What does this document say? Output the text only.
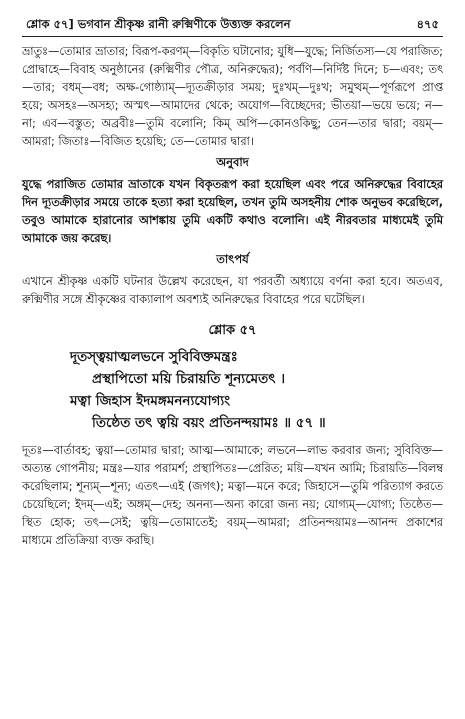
শ্লোক ৫৭] ভগবান শ্রীকৃষ্ণ রানী রুক্মিণীকে উত্ত্যক্ত করলেন	৪৭৫

ভ্রাতুঃ—তোমার ভ্রাতার; বিরূপ-করণম্—বিকৃতি ঘটানোর; যুধি—যুদ্ধে; নির্জিতস্য—যে পরাজিত; প্রোদ্বাহে—বিবাহ অনুষ্ঠানের (রুক্মিণীর পৌত্র, অনিরুদ্ধের); পর্বণি—নির্দিষ্ট দিনে; চ—এবং; তৎ—তার; বধম্—বধ; অক্ষ-গোষ্ঠ্যাম্—দ্যূতক্রীড়ার সময়; দুঃখম্—দুঃখ; সমুত্থম্—পূর্ণরূপে প্রাপ্ত হয়ে; অসহঃ—অসহ্য; অস্মৎ—আমাদের থেকে; অযোগ—বিচ্ছেদের; ভীতয়া—ভয়ে ভয়ে; ন—না; এব—বস্তুত; অব্রবীঃ—তুমি বলোনি; কিম্ অপি—কোনওকিছু; তেন—তার দ্বারা; বয়ম্—আমরা; জিতাঃ—বিজিত হয়েছি; তে—তোমার দ্বারা।

অনুবাদ

যুদ্ধে পরাজিত তোমার ভ্রাতাকে যখন বিকৃতরূপ করা হয়েছিল এবং পরে অনিরুদ্ধের বিবাহের দিন দ্যূতক্রীড়ার সময়ে তাকে হত্যা করা হয়েছিল, তখন তুমি অসহনীয় শোক অনুভব করেছিলে, তবুও আমাকে হারানোর আশঙ্কায় তুমি একটি কথাও বলোনি। এই নীরবতার মাধ্যমেই তুমি আমাকে জয় করেছ।

তাৎপর্য

এখানে শ্রীকৃষ্ণ একটি ঘটনার উল্লেখ করেছেন, যা পরবর্তী অধ্যায়ে বর্ণনা করা হবে। অতএব, রুক্মিণীর সঙ্গে শ্রীকৃষ্ণের বাক্যালাপ অবশ্যই অনিরুদ্ধের বিবাহের পরে ঘটেছিল।

শ্লোক ৫৭
দূতস্ত্বয়াত্মলভনে সুবিবিক্তমন্ত্রঃ
প্রস্থাপিতো ময়ি চিরায়তি শূন্যমেতৎ ।
মত্বা জিহাস ইদমঙ্গমনন্যযোগ্যং
তিষ্ঠেত তৎ ত্বয়ি বয়ং প্রতিনন্দয়ামঃ ॥ ৫৭ ॥

দূতঃ—বার্তাবহ; ত্বয়া—তোমার দ্বারা; আত্ম—আমাকে; লভনে—লাভ করবার জন্য; সুবিবিক্ত—অত্যন্ত গোপনীয়; মন্ত্রঃ—যার পরামর্শ; প্রস্থাপিতঃ—প্রেরিত; ময়ি—যখন আমি; চিরায়তি—বিলম্ব করেছিলাম; শূন্যম্—শূন্য; এতৎ—এই (জগৎ); মত্বা—মনে করে; জিহাসে—তুমি পরিত্যাগ করতে চেয়েছিলে; ইদম্—এই; অঙ্গম্—দেহ; অনন্য—অন্য কারো জন্য নয়; যোগ্যম্—যোগ্য; তিষ্ঠেত—স্থিত হোক; তৎ—সেই; ত্বয়ি—তোমাতেই; বয়ম্—আমরা; প্রতিনন্দয়ামঃ—আনন্দ প্রকাশের মাধ্যমে প্রতিক্রিয়া ব্যক্ত করছি।
